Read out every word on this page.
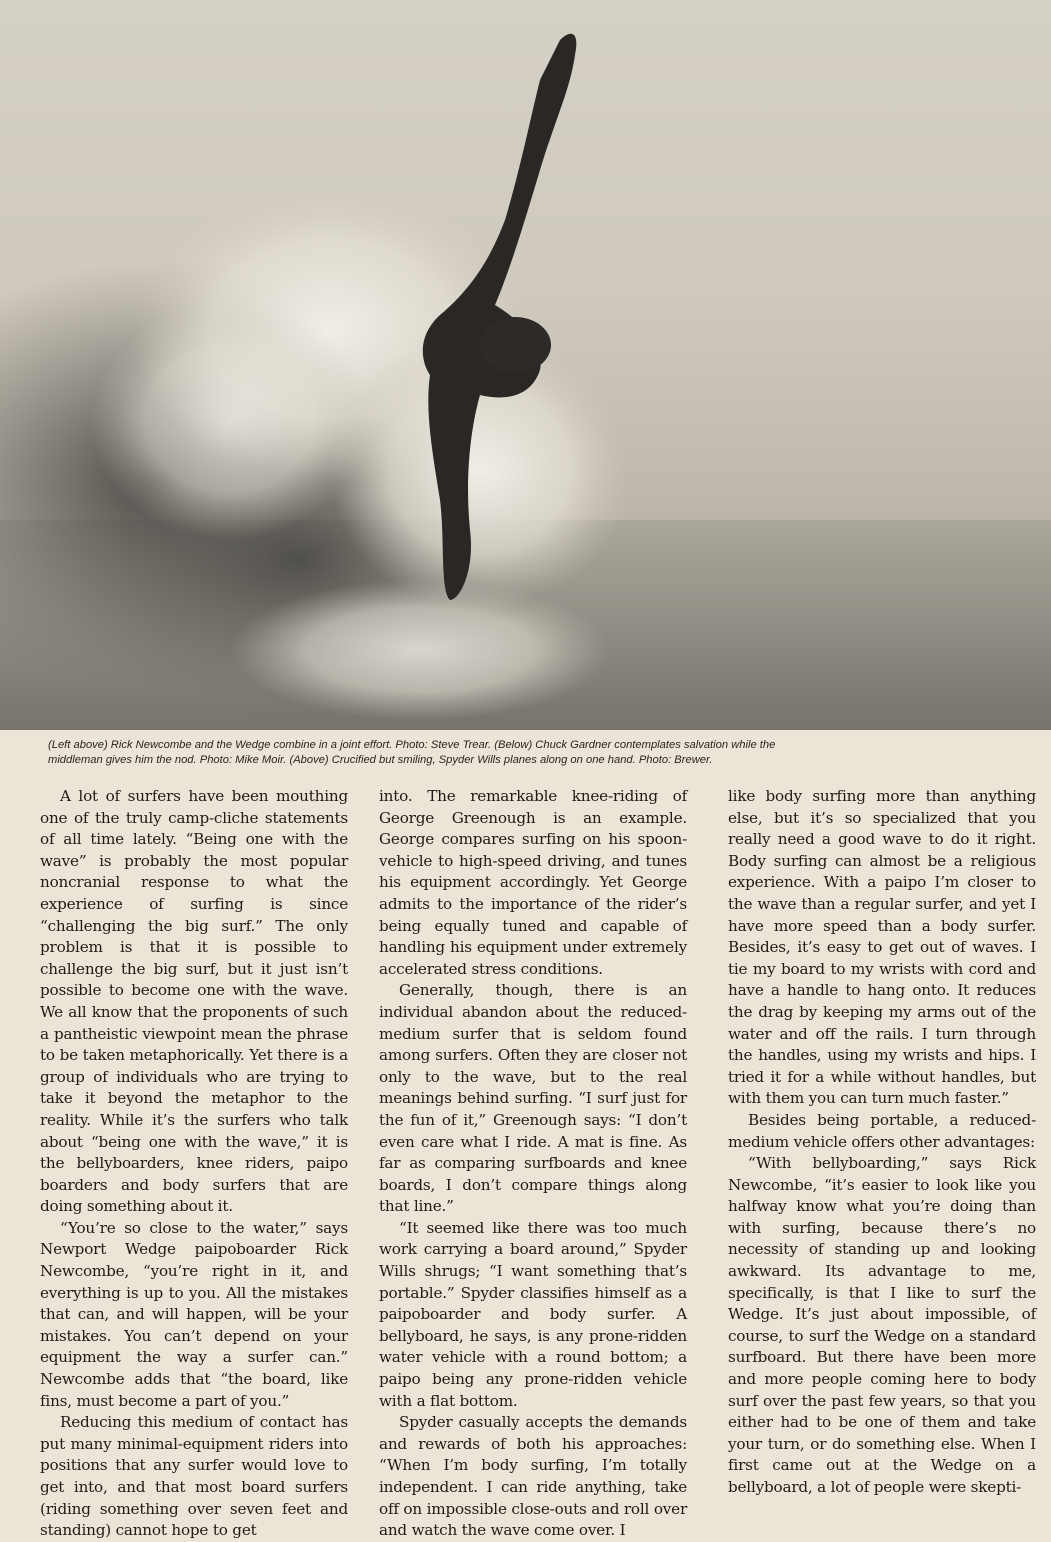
(Left above) Rick Newcombe and the Wedge combine in a joint effort. Photo: Steve Trear. (Below) Chuck Gardner contemplates salvation while the

middleman gives him the nod. Photo: Mike Moir. (Above) Crucified but smiling, Spyder Wills planes along on one hand. Photo: Brewer.

A lot of surfers have been mouthing one of the truly camp-cliche statements of all time lately. “Being one with the wave” is probably the most popular noncranial response to what the experience of surfing is since “challenging the big surf.” The only problem is that it is possible to challenge the big surf, but it just isn’t possible to become one with the wave. We all know that the proponents of such a pantheistic viewpoint mean the phrase to be taken metaphorically. Yet there is a group of individuals who are trying to take it beyond the metaphor to the reality. While it’s the surfers who talk about “being one with the wave,” it is the bellyboarders, knee riders, paipo boarders and body surfers that are doing something about it.

“You’re so close to the water,” says Newport Wedge paipoboarder Rick Newcombe, “you’re right in it, and everything is up to you. All the mistakes that can, and will happen, will be your mistakes. You can’t depend on your equipment the way a surfer can.” Newcombe adds that “the board, like fins, must become a part of you.”

Reducing this medium of contact has put many minimal-equipment riders into positions that any surfer would love to get into, and that most board surfers (riding something over seven feet and standing) cannot hope to get

into. The remarkable knee-riding of George Greenough is an example. George compares surfing on his spoon-vehicle to high-speed driving, and tunes his equipment accordingly. Yet George admits to the importance of the rider’s being equally tuned and capable of handling his equipment under extremely accelerated stress conditions.

Generally, though, there is an individual abandon about the reduced-medium surfer that is seldom found among surfers. Often they are closer not only to the wave, but to the real meanings behind surfing. “I surf just for the fun of it,” Greenough says: “I don’t even care what I ride. A mat is fine. As far as comparing surfboards and knee boards, I don’t compare things along that line.”

“It seemed like there was too much work carrying a board around,” Spyder Wills shrugs; “I want something that’s portable.” Spyder classifies himself as a paipoboarder and body surfer. A bellyboard, he says, is any prone-ridden water vehicle with a round bottom; a paipo being any prone-ridden vehicle with a flat bottom.

Spyder casually accepts the demands and rewards of both his approaches: “When I’m body surfing, I’m totally independent. I can ride anything, take off on impossible close-outs and roll over and watch the wave come over. I

like body surfing more than anything else, but it’s so specialized that you really need a good wave to do it right. Body surfing can almost be a religious experience. With a paipo I’m closer to the wave than a regular surfer, and yet I have more speed than a body surfer. Besides, it’s easy to get out of waves. I tie my board to my wrists with cord and have a handle to hang onto. It reduces the drag by keeping my arms out of the water and off the rails. I turn through the handles, using my wrists and hips. I tried it for a while without handles, but with them you can turn much faster.”

Besides being portable, a reduced-medium vehicle offers other advantages:

“With bellyboarding,” says Rick Newcombe, “it’s easier to look like you halfway know what you’re doing than with surfing, because there’s no necessity of standing up and looking awkward. Its advantage to me, specifically, is that I like to surf the Wedge. It’s just about impossible, of course, to surf the Wedge on a standard surfboard. But there have been more and more people coming here to body surf over the past few years, so that you either had to be one of them and take your turn, or do something else. When I first came out at the Wedge on a bellyboard, a lot of people were skepti-
